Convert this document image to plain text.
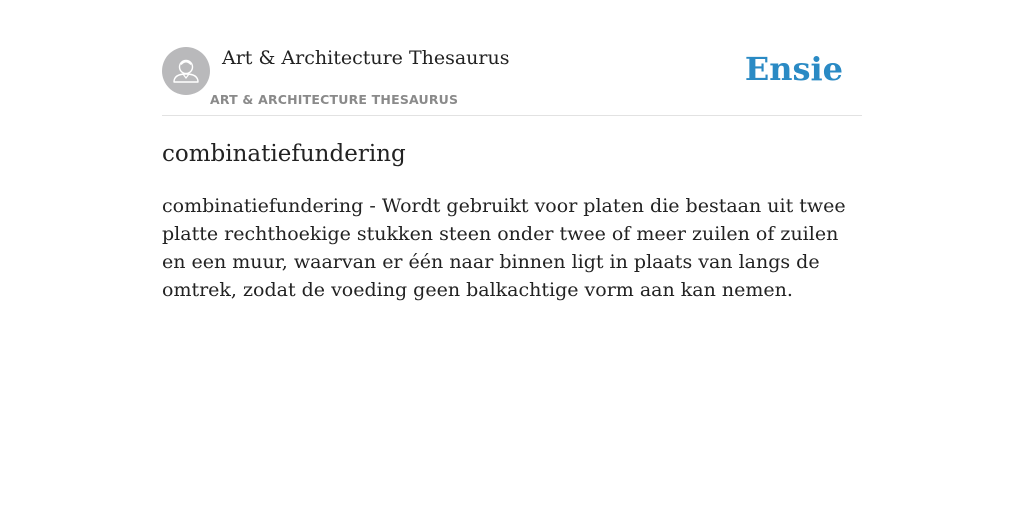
Art & Architecture Thesaurus
ART & ARCHITECTURE THESAURUS
Ensie
combinatiefundering

combinatiefundering - Wordt gebruikt voor platen die bestaan uit twee platte rechthoekige stukken steen onder twee of meer zuilen of zuilen en een muur, waarvan er één naar binnen ligt in plaats van langs de omtrek, zodat de voeding geen balkachtige vorm aan kan nemen.
